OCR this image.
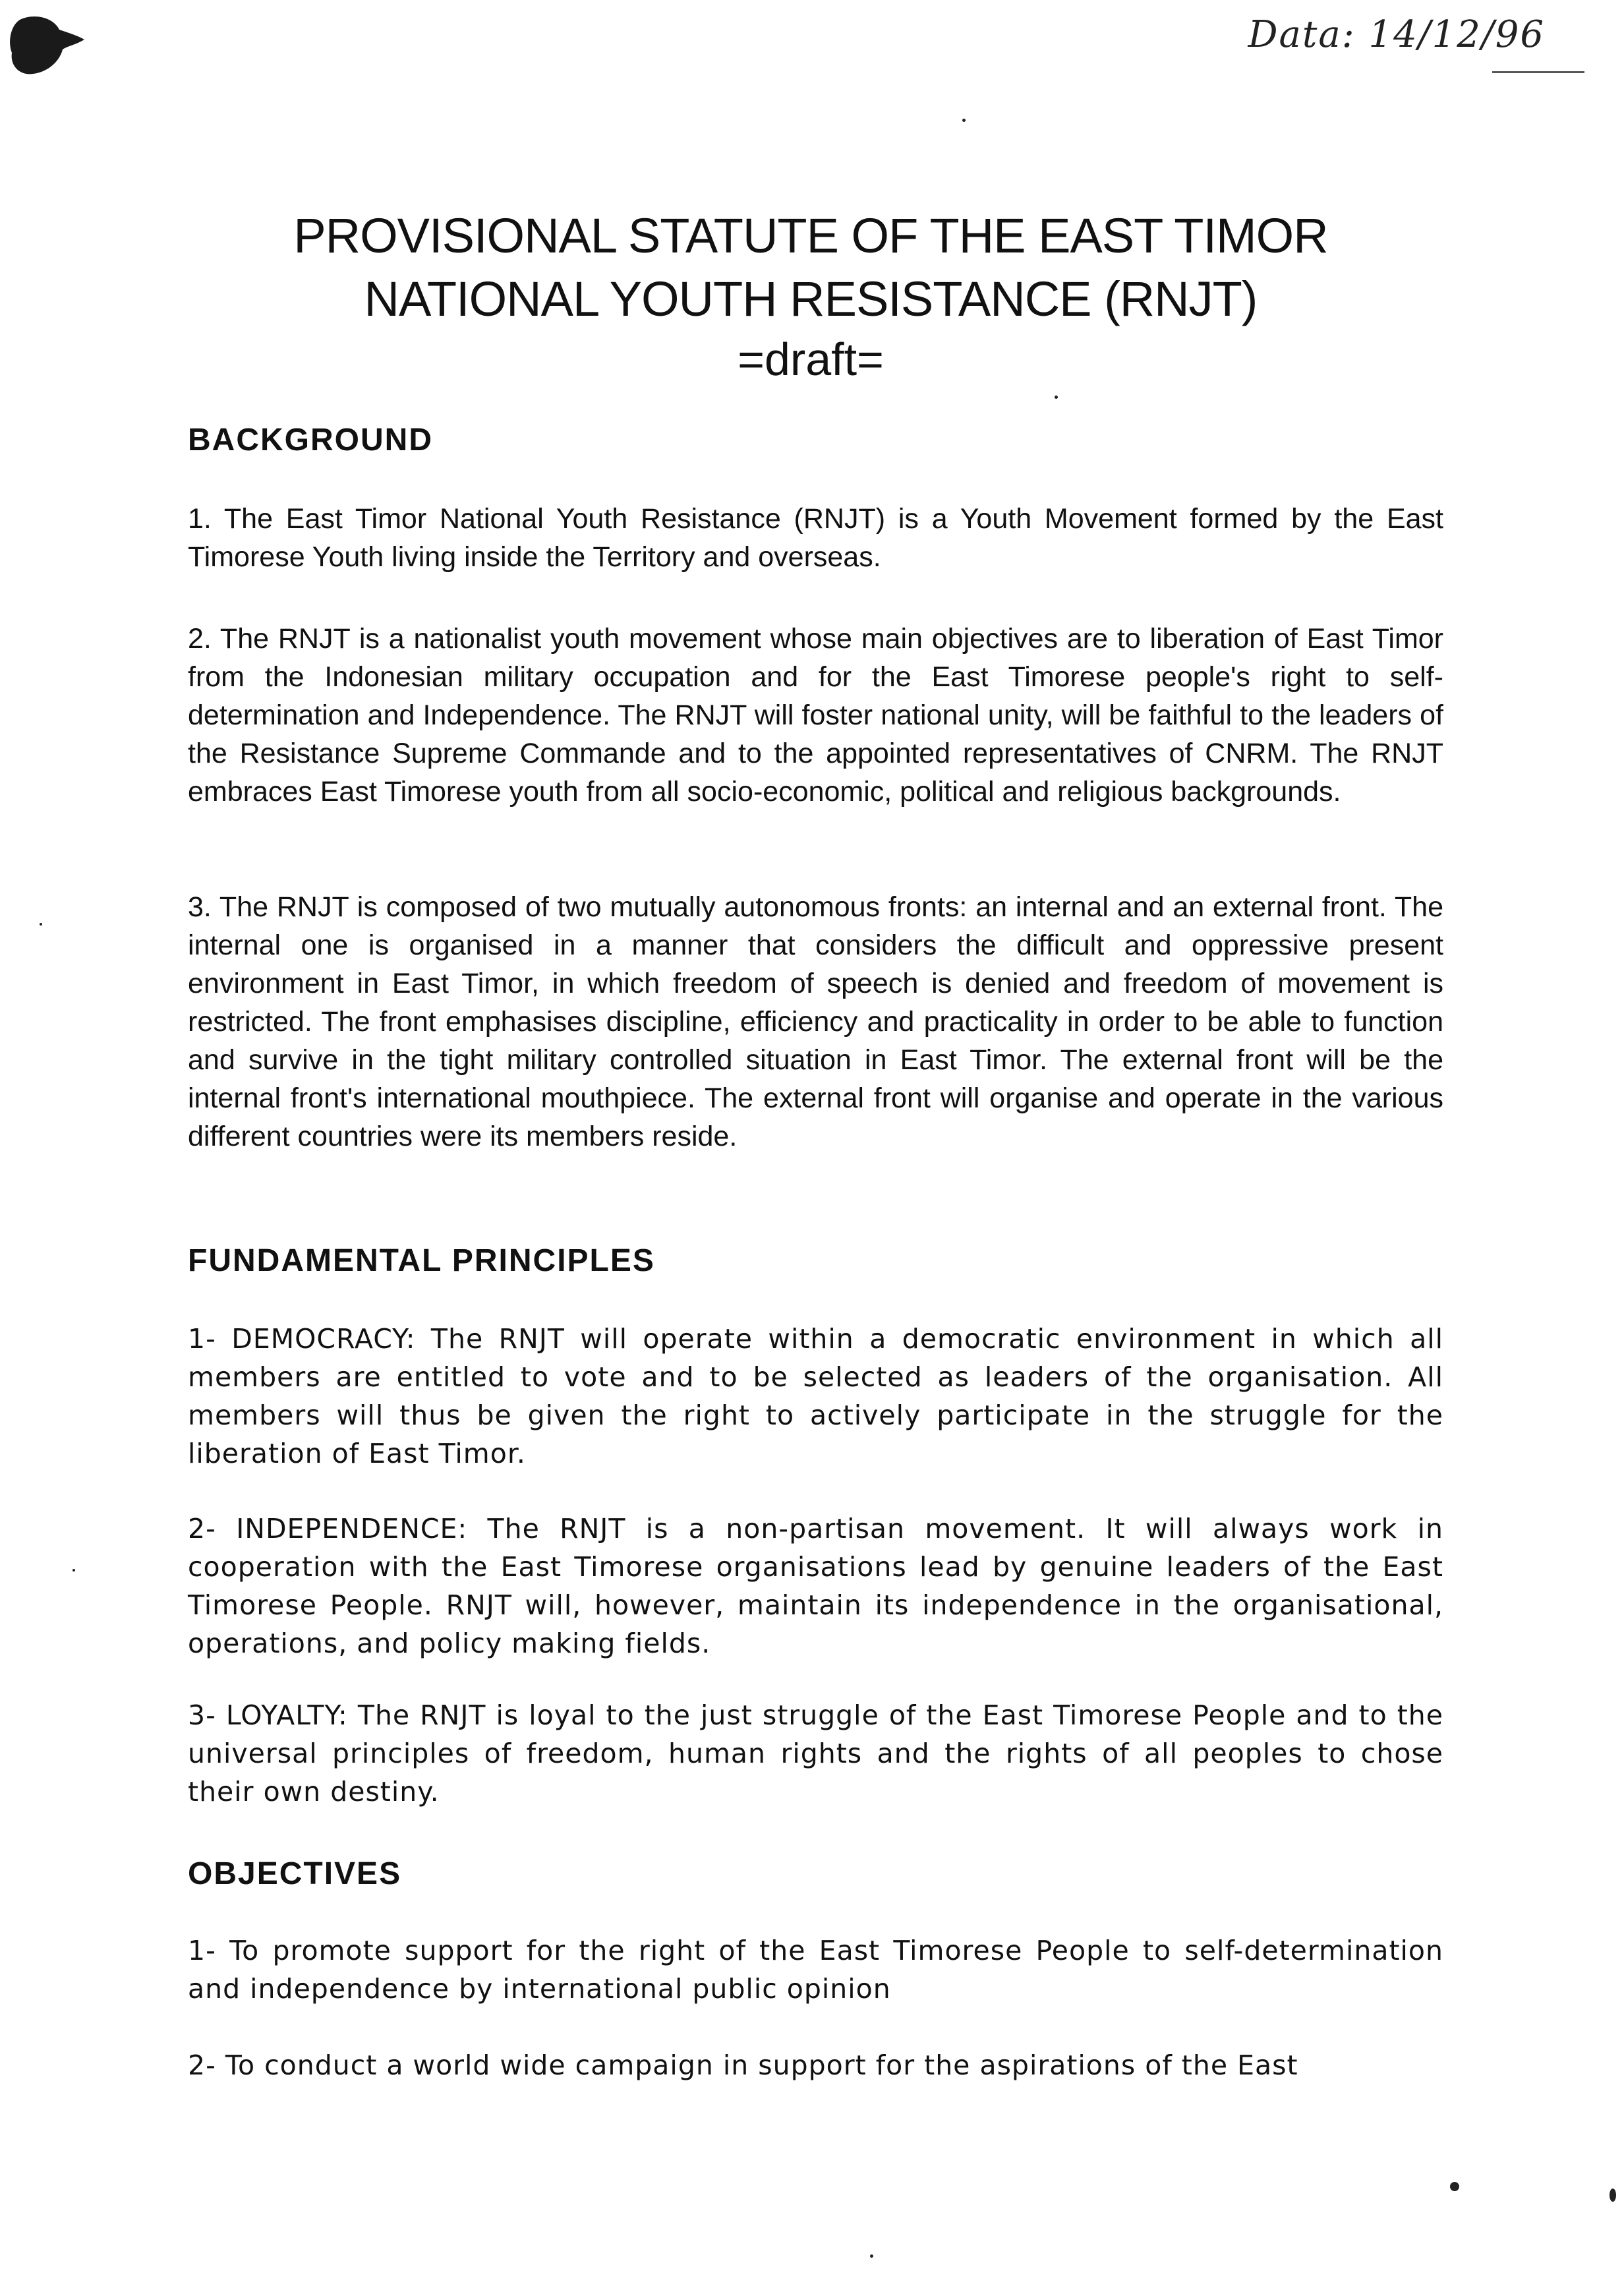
Data: 14/12/96

PROVISIONAL STATUTE OF THE EAST TIMOR

NATIONAL YOUTH RESISTANCE (RNJT)

=draft=

BACKGROUND

1. The East Timor National Youth Resistance (RNJT) is a Youth Movement formed by the East Timorese Youth living inside the Territory and overseas.

2. The RNJT is a nationalist youth movement whose main objectives are to liberation of East Timor from the Indonesian military occupation and for the East Timorese people's right to self-determination and Independence. The RNJT will foster national unity, will be faithful to the leaders of the Resistance Supreme Commande and to the appointed representatives of CNRM. The RNJT embraces East Timorese youth from all socio-economic, political and religious backgrounds.

3. The RNJT is composed of two mutually autonomous fronts: an internal and an external front. The internal one is organised in a manner that considers the difficult and oppressive present environment in East Timor, in which freedom of speech is denied and freedom of movement is restricted. The front emphasises discipline, efficiency and practicality in order to be able to function and survive in the tight military controlled situation in East Timor. The external front will be the internal front's international mouthpiece. The external front will organise and operate in the various different countries were its members reside.

FUNDAMENTAL PRINCIPLES

1- DEMOCRACY: The RNJT will operate within a democratic environment in which all members are entitled to vote and to be selected as leaders of the organisation. All members will thus be given the right to actively participate in the struggle for the liberation of East Timor.

2- INDEPENDENCE: The RNJT is a non-partisan movement. It will always work in cooperation with the East Timorese organisations lead by genuine leaders of the East Timorese People. RNJT will, however, maintain its independence in the organisational, operations, and policy making fields.

3- LOYALTY: The RNJT is loyal to the just struggle of the East Timorese People and to the universal principles of freedom, human rights and the rights of all peoples to chose their own destiny.

OBJECTIVES

1- To promote support for the right of the East Timorese People to self-determination and independence by international public opinion

2- To conduct a world wide campaign in support for the aspirations of the East
